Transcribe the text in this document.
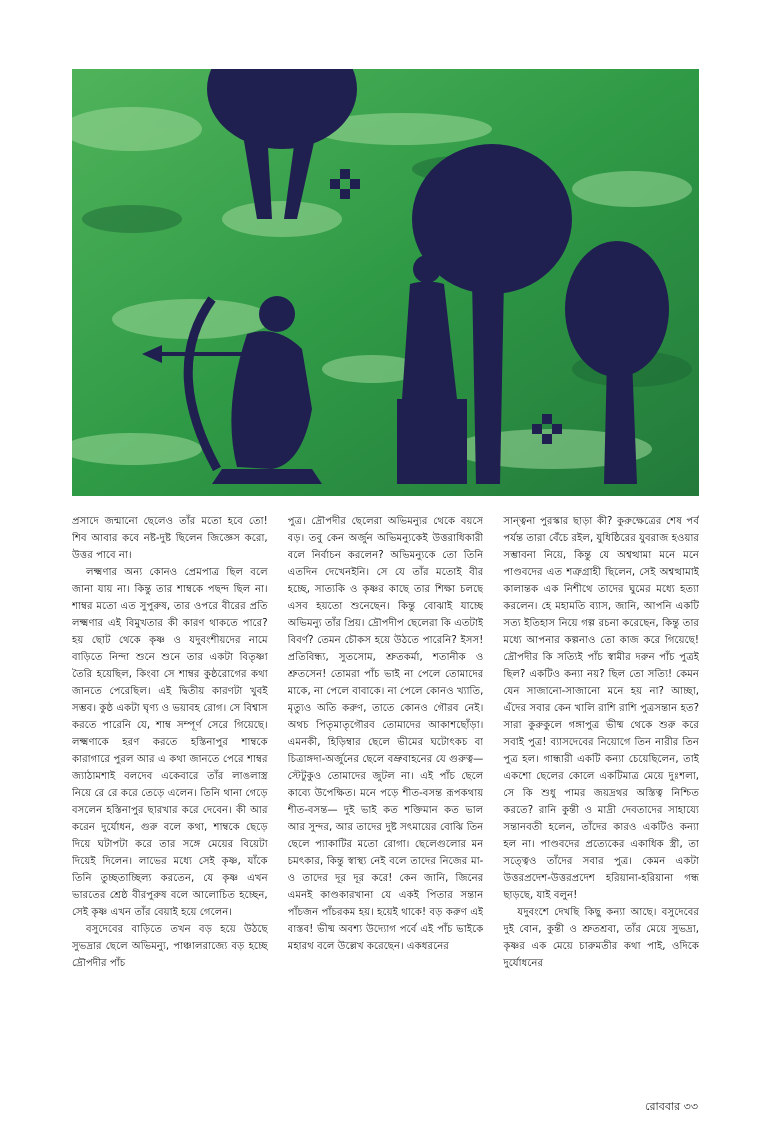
প্রসাদে জন্মানো ছেলেও তাঁর মতো হবে তো! শিব আবার কবে নষ্ট-দুষ্ট ছিলেন জিজ্ঞেস করো, উত্তর পাবে না।

লক্ষ্মণার অন্য কোনও প্রেমপাত্র ছিল বলে জানা যায় না। কিন্তু তার শাম্বকে পছন্দ ছিল না। শাম্বর মতো এত সুপুরুষ, তার ওপরে বীরের প্রতি লক্ষ্মণার এই বিমুখতার কী কারণ থাকতে পারে? হয় ছোট থেকে কৃষ্ণ ও যদুবংশীয়দের নামে বাড়িতে নিন্দা শুনে শুনে তার একটা বিতৃষ্ণা তৈরি হয়েছিল, কিংবা সে শাম্বর কুষ্ঠরোগের কথা জানতে পেরেছিল। এই দ্বিতীয় কারণটা খুবই সম্ভব। কুষ্ঠ একটা ঘৃণ্য ও ভয়াবহ রোগ। সে বিশ্বাস করতে পারেনি যে, শাম্ব সম্পূর্ণ সেরে গিয়েছে। লক্ষ্মণাকে হরণ করতে হস্তিনাপুর শাম্বকে কারাগারে পুরল আর এ কথা জানতে পেরে শাম্বর জ্যাঠামশাই বলদেব একেবারে তাঁর লাঙলাস্ত্র নিয়ে রে রে করে তেড়ে এলেন। তিনি থানা গেড়ে বসলেন হস্তিনাপুর ছারখার করে দেবেন। কী আর করেন দুর্যোধন, গুরু বলে কথা, শাম্বকে ছেড়ে দিয়ে ঘটাপটা করে তার সঙ্গে মেয়ের বিয়েটা দিয়েই দিলেন। লাভের মধ্যে সেই কৃষ্ণ, যাঁকে তিনি তুচ্ছতাচ্ছিল্য করতেন, যে কৃষ্ণ এখন ভারতের শ্রেষ্ঠ বীরপুরুষ বলে আলোচিত হচ্ছেন, সেই কৃষ্ণ এখন তাঁর বেয়াই হয়ে গেলেন।

বসুদেবের বাড়িতে তখন বড় হয়ে উঠছে সুভদ্রার ছেলে অভিমন্যু, পাঞ্চালরাজ্যে বড় হচ্ছে দ্রৌপদীর পাঁচ

পুত্র। দ্রৌপদীর ছেলেরা অভিমন্যুর থেকে বয়সে বড়। তবু কেন অর্জুন অভিমন্যুকেই উত্তরাধিকারী বলে নির্বাচন করলেন? অভিমন্যুকে তো তিনি এতদিন দেখেনইনি। সে যে তাঁর মতোই বীর হচ্ছে, সাত্যকি ও কৃষ্ণর কাছে তার শিক্ষা চলছে এসব হয়তো শুনেছেন। কিন্তু বোঝাই যাচ্ছে অভিমন্যু তাঁর প্রিয়। দ্রৌপদীপ ছেলেরা কি এতটাই বিবর্ণ? তেমন চৌকস হয়ে উঠতে পারেনি? ইসস! প্রতিবিন্ধ্য, সুতসোম, শ্রুতকর্মা, শতানীক ও শ্রুতসেন! তোমরা পাঁচ ভাই না পেলে তোমাদের মাকে, না পেলে বাবাকে। না পেলে কোনও খ্যাতি, মৃত্যুও অতি করুণ, তাতে কোনও গৌরব নেই। অথচ পিতৃমাতৃগৌরব তোমাদের আকাশছোঁড়া। এমনকী, হিড়িম্বার ছেলে ভীমের ঘটোৎকচ বা চিত্রাঙ্গদা-অর্জুনের ছেলে বভ্রুবাহনের যে গুরুত্ব— স্টেটুকুও তোমাদের জুটল না। এই পাঁচ ছেলে কাব্যে উপেক্ষিত। মনে পড়ে শীত-বসন্ত রূপকথায় শীত-বসন্ত— দুই ভাই কত শক্তিমান কত ভাল আর সুন্দর, আর তাদের দুষ্ট সৎমায়ের বোঝি তিন ছেলে প্যাকাটির মতো রোগা। ছেলেগুলোর মন চমৎকার, কিন্তু স্বাস্থ্য নেই বলে তাদের নিজের মা-ও তাদের দূর দূর করে! কেন জানি, জিনের এমনই কাণ্ডকারখানা যে একই পিতার সন্তান পাঁচজন পাঁচরকম হয়। হয়েই থাকে! বড় করুণ এই বাস্তব! ভীষ্ম অবশ্য উদ্যোগ পর্বে এই পাঁচ ভাইকে মহারথ বলে উল্লেখ করেছেন। একধরনের

সান্ত্বনা পুরস্কার ছাড়া কী? কুরুক্ষেত্রের শেষ পর্ব পর্যন্ত তারা বেঁচে রইল, যুধিষ্ঠিরের যুবরাজ হওয়ার সম্ভাবনা নিয়ে, কিন্তু যে অশ্বত্থামা মনে মনে পাণ্ডবদের এত শত্রুগ্রাহী ছিলেন, সেই অশ্বত্থামাই কালান্তক এক নিশীথে তাদের ঘুমের মধ্যে হত্যা করলেন। হে মহামতি ব্যাস, জানি, আপনি একটি সত্য ইতিহাস নিয়ে গল্প রচনা করেছেন, কিন্তু তার মধ্যে আপনার কল্পনাও তো কাজ করে গিয়েছে! দ্রৌপদীর কি সত্যিই পাঁচ স্বামীর দরুন পাঁচ পুত্রই ছিল? একটিও কন্যা নয়? ছিল তো সত্যি! কেমন যেন সাজানো-সাজানো মনে হয় না? আচ্ছা, এঁদের সবার কেন খালি রাশি রাশি পুত্রসন্তান হত? সারা কুরুকুলে গঙ্গাপুত্র ভীষ্ম থেকে শুরু করে সবাই পুত্র! ব্যাসদেবের নিয়োগে তিন নারীর তিন পুত্র হল। গান্ধারী একটি কন্যা চেয়েছিলেন, তাই একশো ছেলের কোলে একটিমাত্র মেয়ে দুঃশলা, সে কি শুধু পামর জয়দ্রথর অস্তিত্ব নিশ্চিত করতে? রানি কুন্তী ও মাদ্রী দেবতাদের সাহায্যে সন্তানবতী হলেন, তাঁদের কারও একটিও কন্যা হল না। পাণ্ডবদের প্রত্যেকের একাধিক স্ত্রী, তা সত্ত্বেও তাঁদের সবার পুত্র। কেমন একটা উত্তরপ্রদেশ-উত্তরপ্রদেশ হরিয়ানা-হরিয়ানা গন্ধ ছাড়ছে, যাই বলুন!

যদুবংশে দেখছি কিছু কন্যা আছে। বসুদেবের দুই বোন, কুন্তী ও শ্রুতশ্রবা, তাঁর মেয়ে সুভদ্রা, কৃষ্ণর এক মেয়ে চারুমতীর কথা পাই, ওদিকে দুর্যোধনের

রোববার ৩৩
